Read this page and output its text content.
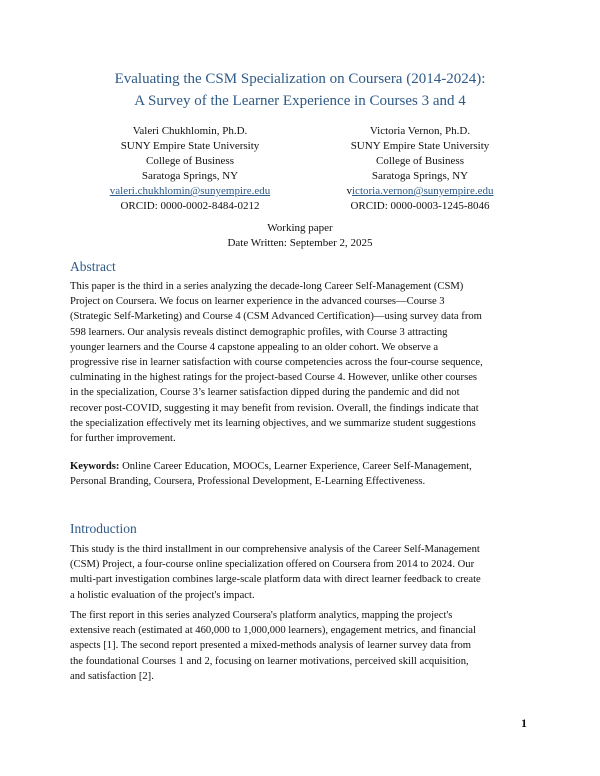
Evaluating the CSM Specialization on Coursera (2014-2024):
A Survey of the Learner Experience in Courses 3 and 4
Valeri Chukhlomin, Ph.D.
SUNY Empire State University
College of Business
Saratoga Springs, NY
valeri.chukhlomin@sunyempire.edu
ORCID: 0000-0002-8484-0212
Victoria Vernon, Ph.D.
SUNY Empire State University
College of Business
Saratoga Springs, NY
victoria.vernon@sunyempire.edu
ORCID: 0000-0003-1245-8046
Working paper
Date Written: September 2, 2025
Abstract
This paper is the third in a series analyzing the decade-long Career Self-Management (CSM)
Project on Coursera. We focus on learner experience in the advanced courses—Course 3
(Strategic Self-Marketing) and Course 4 (CSM Advanced Certification)—using survey data from
598 learners. Our analysis reveals distinct demographic profiles, with Course 3 attracting
younger learners and the Course 4 capstone appealing to an older cohort. We observe a
progressive rise in learner satisfaction with course competencies across the four-course sequence,
culminating in the highest ratings for the project-based Course 4. However, unlike other courses
in the specialization, Course 3’s learner satisfaction dipped during the pandemic and did not
recover post-COVID, suggesting it may benefit from revision. Overall, the findings indicate that
the specialization effectively met its learning objectives, and we summarize student suggestions
for further improvement.
Keywords: Online Career Education, MOOCs, Learner Experience, Career Self-Management,
Personal Branding, Coursera, Professional Development, E-Learning Effectiveness.
Introduction
This study is the third installment in our comprehensive analysis of the Career Self-Management
(CSM) Project, a four-course online specialization offered on Coursera from 2014 to 2024. Our
multi-part investigation combines large-scale platform data with direct learner feedback to create
a holistic evaluation of the project's impact.
The first report in this series analyzed Coursera's platform analytics, mapping the project's
extensive reach (estimated at 460,000 to 1,000,000 learners), engagement metrics, and financial
aspects [1]. The second report presented a mixed-methods analysis of learner survey data from
the foundational Courses 1 and 2, focusing on learner motivations, perceived skill acquisition,
and satisfaction [2].
1
